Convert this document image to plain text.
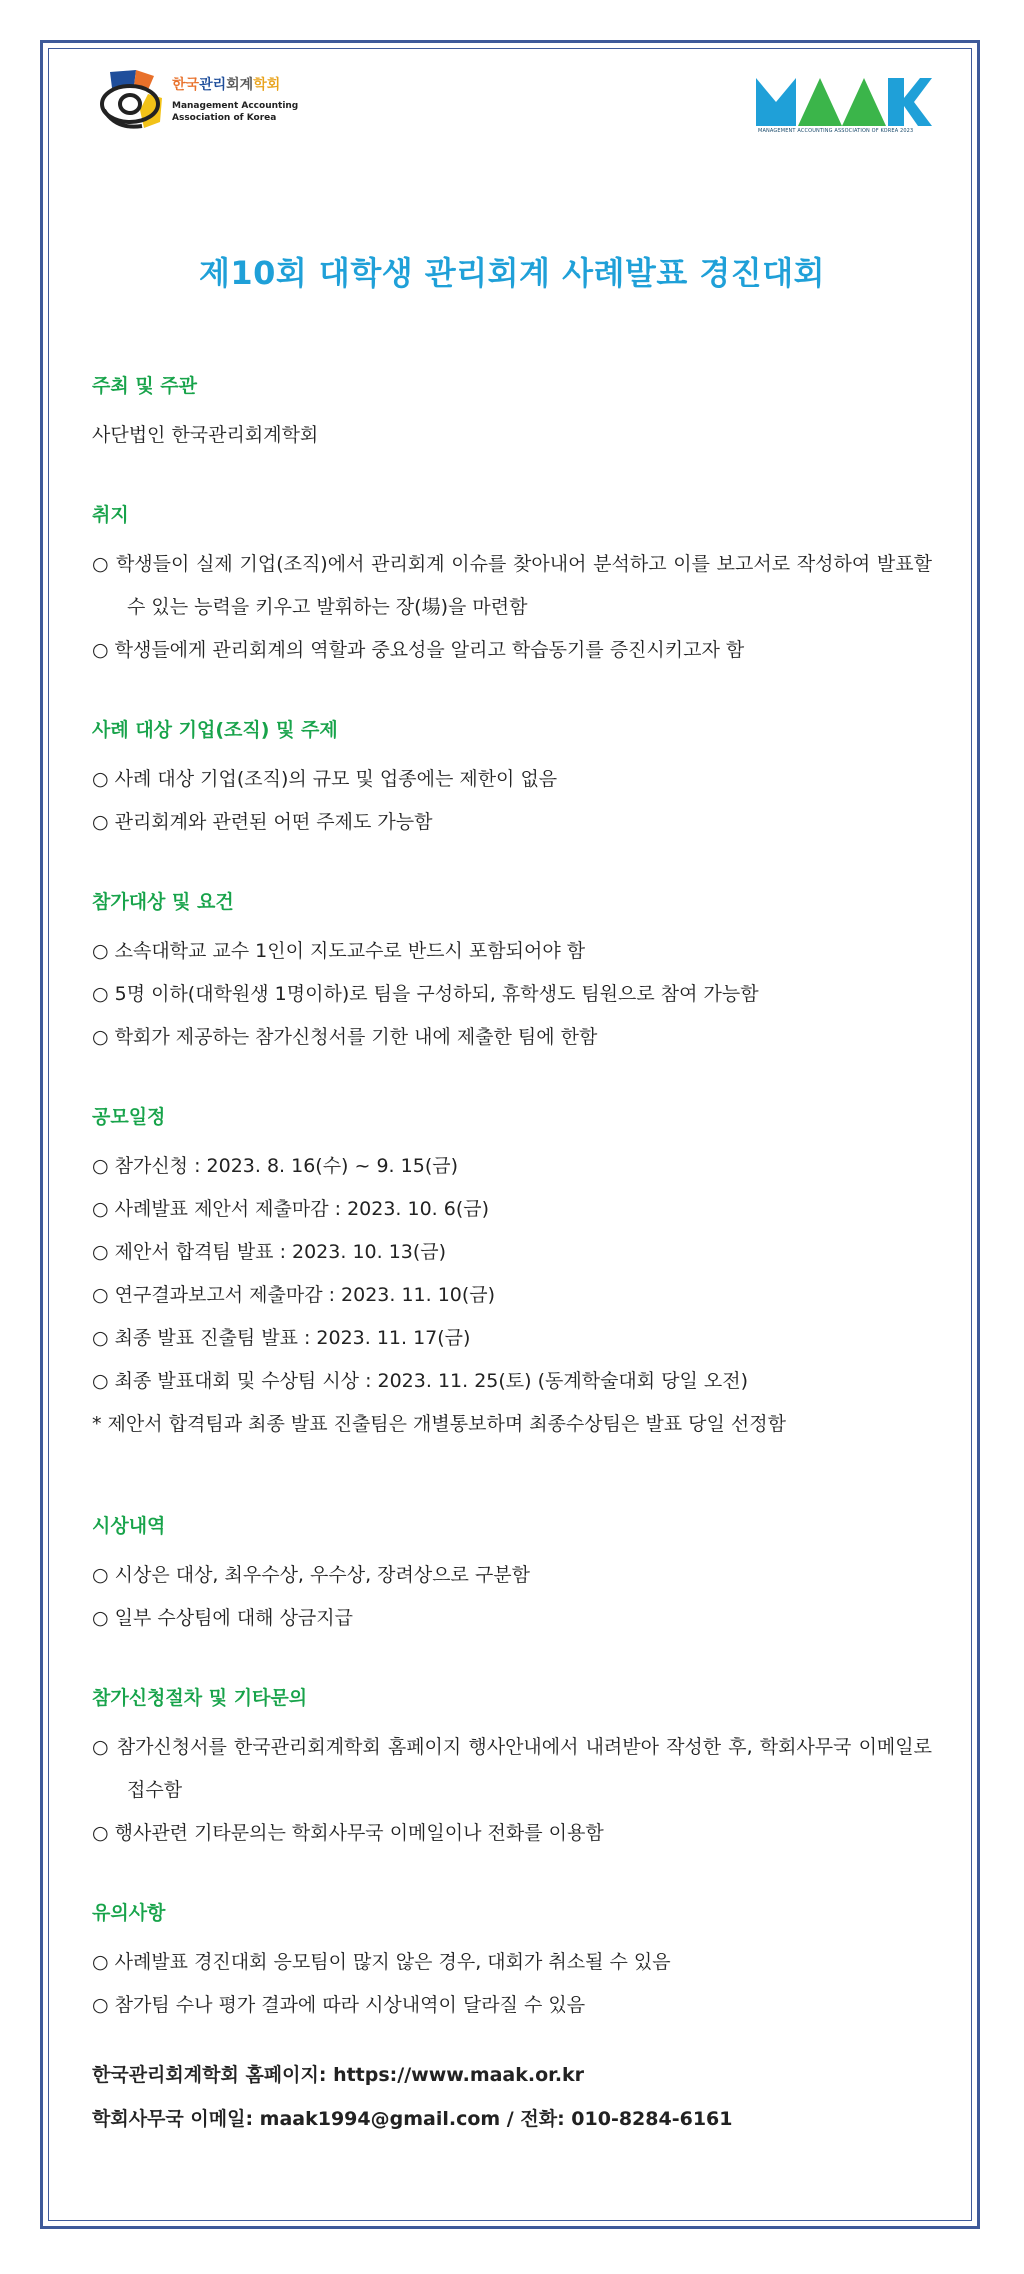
한국관리회계학회
Management Accounting
Association of Korea
MANAGEMENT ACCOUNTING ASSOCIATION OF KOREA 2023
제10회 대학생 관리회계 사례발표 경진대회

주최 및 주관

사단법인 한국관리회계학회

취지

○ 학생들이 실제 기업(조직)에서 관리회계 이슈를 찾아내어 분석하고 이를 보고서로 작성하여 발표할 수 있는 능력을 키우고 발휘하는 장(場)을 마련함

○ 학생들에게 관리회계의 역할과 중요성을 알리고 학습동기를 증진시키고자 함

사례 대상 기업(조직) 및 주제

○ 사례 대상 기업(조직)의 규모 및 업종에는 제한이 없음

○ 관리회계와 관련된 어떤 주제도 가능함

참가대상 및 요건

○ 소속대학교 교수 1인이 지도교수로 반드시 포함되어야 함

○ 5명 이하(대학원생 1명이하)로 팀을 구성하되, 휴학생도 팀원으로 참여 가능함

○ 학회가 제공하는 참가신청서를 기한 내에 제출한 팀에 한함

공모일정

○ 참가신청 : 2023. 8. 16(수) ~ 9. 15(금)

○ 사례발표 제안서 제출마감 : 2023. 10. 6(금)

○ 제안서 합격팀 발표 : 2023. 10. 13(금)

○ 연구결과보고서 제출마감 : 2023. 11. 10(금)

○ 최종 발표 진출팀 발표 : 2023. 11. 17(금)

○ 최종 발표대회 및 수상팀 시상 : 2023. 11. 25(토) (동계학술대회 당일 오전)

* 제안서 합격팀과 최종 발표 진출팀은 개별통보하며 최종수상팀은 발표 당일 선정함

시상내역

○ 시상은 대상, 최우수상, 우수상, 장려상으로 구분함

○ 일부 수상팀에 대해 상금지급

참가신청절차 및 기타문의

○ 참가신청서를 한국관리회계학회 홈페이지 행사안내에서 내려받아 작성한 후, 학회사무국 이메일로 접수함

○ 행사관련 기타문의는 학회사무국 이메일이나 전화를 이용함

유의사항

○ 사례발표 경진대회 응모팀이 많지 않은 경우, 대회가 취소될 수 있음

○ 참가팀 수나 평가 결과에 따라 시상내역이 달라질 수 있음

한국관리회계학회 홈페이지: https://www.maak.or.kr

학회사무국 이메일: maak1994@gmail.com / 전화: 010-8284-6161
